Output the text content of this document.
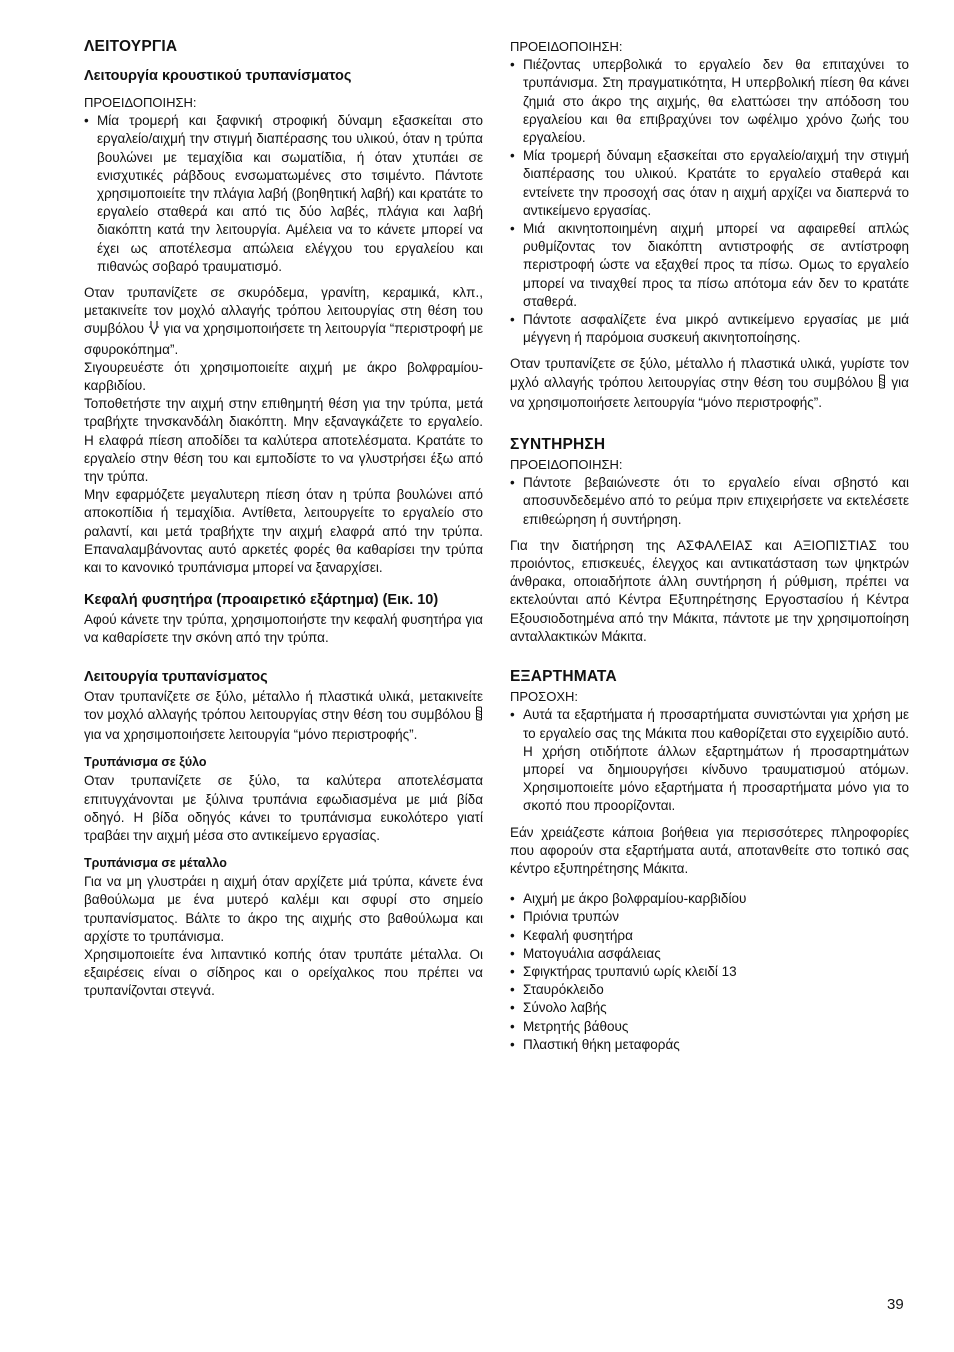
ΛΕΙΤΟΥΡΓΙΑ
Λειτουργία κρουστικού τρυπανίσματος
ΠΡΟΕΙΔΟΠΟΙΗΣΗ:
• Μία τρομερή και ξαφνική στροφική δύναμη εξασκείται στο εργαλείο/αιχμή την στιγμή διαπέρασης του υλικού, όταν η τρύπα βουλώνει με τεμαχίδια και σωματίδια, ή όταν χτυπάει σε ενισχυτικές ράβδους ενσωματωμένες στο τσιμέντο. Πάντοτε χρησιμοποιείτε την πλάγια λαβή (βοηθητική λαβή) και κρατάτε το εργαλείο σταθερά και από τις δύο λαβές, πλάγια και λαβή διακόπτη κατά την λειτουργία. Αμέλεια να το κάνετε μπορεί να έχει ως αποτέλεσμα απώλεια ελέγχου του εργαλείου και πιθανώς σοβαρό τραυματισμό.

Οταν τρυπανίζετε σε σκυρόδεμα, γρανίτη, κεραμικά, κλπ., μετακινείτε τον μοχλό αλλαγής τρόπου λειτουργίας στη θέση του συμβόλου για να χρησιμοποιήσετε τη λειτουργία “περιστροφή με σφυροκόπημα”.

Σιγουρευέστε ότι χρησιμοποιείτε αιχμή με άκρο βολφραμίου-καρβιδίου.

Τοποθετήστε την αιχμή στην επιθημητή θέση για την τρύπα, μετά τραβήχτε τηνσκανδάλη διακόπτη. Μην εξαναγκάζετε το εργαλείο. Η ελαφρά πίεση αποδίδει τα καλύτερα αποτελέσματα. Κρατάτε το εργαλείο στην θέση του και εμποδίστε το να γλυστρήσει έξω από την τρύπα.

Μην εφαρμόζετε μεγαλυτερη πίεση όταν η τρύπα βουλώνει από αποκοπίδια ή τεμαχίδια. Αντίθετα, λειτουργείτε το εργαλείο στο ραλαντί, και μετά τραβήχτε την αιχμή ελαφρά από την τρύπα. Επαναλαμβάνοντας αυτό αρκετές φορές θα καθαρίσει την τρύπα και το κανονικό τρυπάνισμα μπορεί να ξαναρχίσει.

Κεφαλή φυσητήρα (προαιρετικό εξάρτημα) (Εικ. 10)

Αφού κάνετε την τρύπα, χρησιμοποιήστε την κεφαλή φυσητήρα για να καθαρίσετε την σκόνη από την τρύπα.

Λειτουργία τρυπανίσματος

Οταν τρυπανίζετε σε ξύλο, μέταλλο ή πλαστικά υλικά, μετακινείτε τον μοχλό αλλαγής τρόπου λειτουργίας στην θέση του συμβόλου  για να χρησιμοποιήσετε λειτουργία “μόνο περιστροφής”.

Τρυπάνισμα σε ξύλο

Οταν τρυπανίζετε σε ξύλο, τα καλύτερα αποτελέσματα επιτυγχάνονται με ξύλινα τρυπάνια εφωδιασμένα με μιά βίδα οδηγό. Η βίδα οδηγός κάνει το τρυπάνισμα ευκολότερο γιατί τραβάει την αιχμή μέσα στο αντικείμενο εργασίας.

Τρυπάνισμα σε μέταλλο

Για να μη γλυστράει η αιχμή όταν αρχίζετε μιά τρύπα, κάνετε ένα βαθούλωμα με ένα μυτερό καλέμι και σφυρί στο σημείο τρυπανίσματος. Βάλτε το άκρο της αιχμής στο βαθούλωμα και αρχίστε το τρυπάνισμα.

Χρησιμοποιείτε ένα λιπαντικό κοπής όταν τρυπάτε μέταλλα. Οι εξαιρέσεις είναι ο σίδηρος και ο ορείχαλκος που πρέπει να τρυπανίζονται στεγνά.

ΠΡΟΕΙΔΟΠΟΙΗΣΗ:
• Πιέζοντας υπερβολικά το εργαλείο δεν θα επιταχύνει το τρυπάνισμα. Στη πραγματικότητα, Η υπερβολική πίεση θα κάνει ζημιά στο άκρο της αιχμής, θα ελαττώσει την απόδοση του εργαλείου και θα επιβραχύνει τον ωφέλιμο χρόνο ζωής του εργαλείου.
• Μία τρομερή δύναμη εξασκείται στο εργαλείο/αιχμή την στιγμή διαπέρασης του υλικού. Κρατάτε το εργαλείο σταθερά και εντείνετε την προσοχή σας όταν η αιχμή αρχίζει να διαπερνά το αντικείμενο εργασίας.
• Μιά ακινητοποιημένη αιχμή μπορεί να αφαιρεθεί απλώς ρυθμίζοντας τον διακόπτη αντιστροφής σε αντίστροφη περιστροφή ώστε να εξαχθεί προς τα πίσω. Ομως το εργαλείο μπορεί να τιναχθεί προς τα πίσω απότομα εάν δεν το κρατάτε σταθερά.
• Πάντοτε ασφαλίζετε ένα μικρό αντικείμενο εργασίας με μιά μέγγενη ή παρόμοια συσκευή ακινητοποίησης.

Οταν τρυπανίζετε σε ξύλο, μέταλλο ή πλαστικά υλικά, γυρίστε τον μχλό αλλαγής τρόπου λειτουργίας στην θέση του συμβόλου για να χρησιμοποιήσετε λειτουργία “μόνο περιστροφής”.

ΣΥΝΤΗΡΗΣΗ
ΠΡΟΕΙΔΟΠΟΙΗΣΗ:
• Πάντοτε βεβαιώνεστε ότι το εργαλείο είναι σβηστό και αποσυνδεδεμένο από το ρεύμα πριν επιχειρήσετε να εκτελέσετε επιθεώρηση ή συντήρηση.

Για την διατήρηση της ΑΣΦΑΛΕΙΑΣ και ΑΞΙΟΠΙΣΤΙΑΣ του προιόντος, επισκευές, έλεγχος και αντικατάσταση των ψηκτρών άνθρακα, οποιαδήποτε άλλη συντήρηση ή ρύθμιση, πρέπει να εκτελούνται από Κέντρα Εξυπηρέτησης Εργοστασίου ή Κέντρα Εξουσιοδοτημένα από την Μάκιτα, πάντοτε με την χρησιμοποίηση ανταλλακτικών Μάκιτα.

ΕΞΑΡΤΗΜΑΤΑ
ΠΡΟΣΟΧΗ:
• Αυτά τα εξαρτήματα ή προσαρτήματα συνιστώνται για χρήση με το εργαλείο σας της Μάκιτα που καθορίζεται στο εγχειρίδιο αυτό. Η χρήση οτιδήποτε άλλων εξαρτημάτων ή προσαρτημάτων μπορεί να δημιουργήσει κίνδυνο τραυματισμού ατόμων. Χρησιμοποιείτε μόνο εξαρτήματα ή προσαρτήματα μόνο για το σκοπό που προορίζονται.

Εάν χρειάζεστε κάποια βοήθεια για περισσότερες πληροφορίες που αφορούν στα εξαρτήματα αυτά, αποτανθείτε στο τοπικό σας κέντρο εξυπηρέτησης Μάκιτα.

• Αιχμή με άκρο βολφραμίου-καρβιδίου
• Πριόνια τρυπών
• Κεφαλή φυσητήρα
• Ματογυάλια ασφάλειας
• Σφιγκτήρας τρυπανιύ ωρίς κλειδί 13
• Σταυρόκλειδο
• Σύνολο λαβής
• Μετρητής βάθους
• Πλαστική θήκη μεταφοράς
39
